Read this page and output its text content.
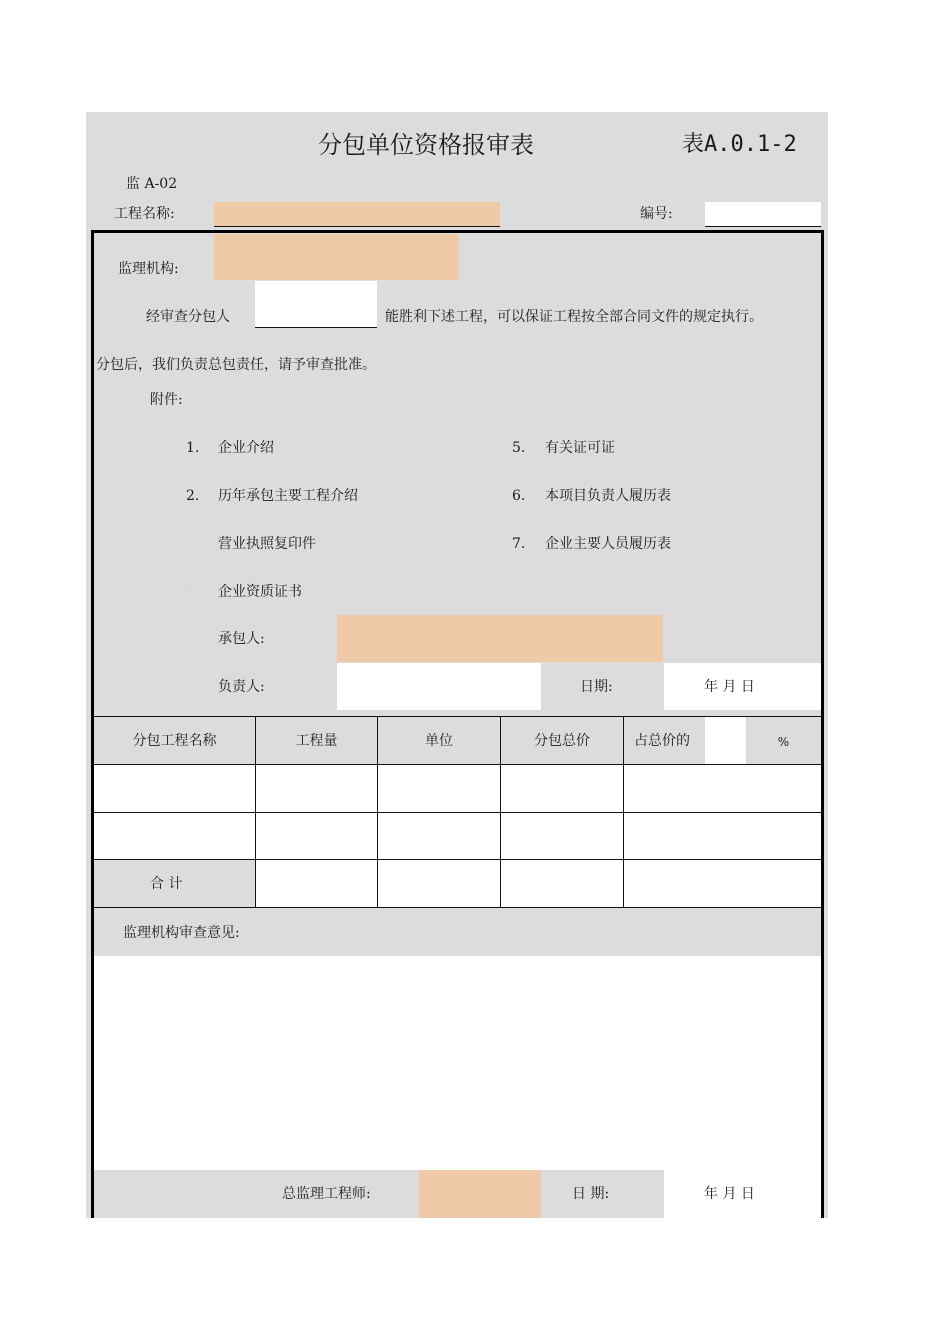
分包单位资格报审表	表A.0.1-2
监 A-02
工程名称:	编号:
监理机构:
经审查分包人	能胜利下述工程，可以保证工程按全部合同文件的规定执行。
分包后，我们负责总包责任，请予审查批准。
附件:
1. 企业介绍
2. 历年承包主要工程介绍
3. 营业执照复印件
4. 企业资质证书
5. 有关证可证
6. 本项目负责人履历表
7. 企业主要人员履历表
承包人:
负责人:	日期:	年 月 日
分包工程名称	工程量	单位	分包总价	占总价的	%
合 计
监理机构审查意见:
总监理工程师:	日 期:	年 月 日
